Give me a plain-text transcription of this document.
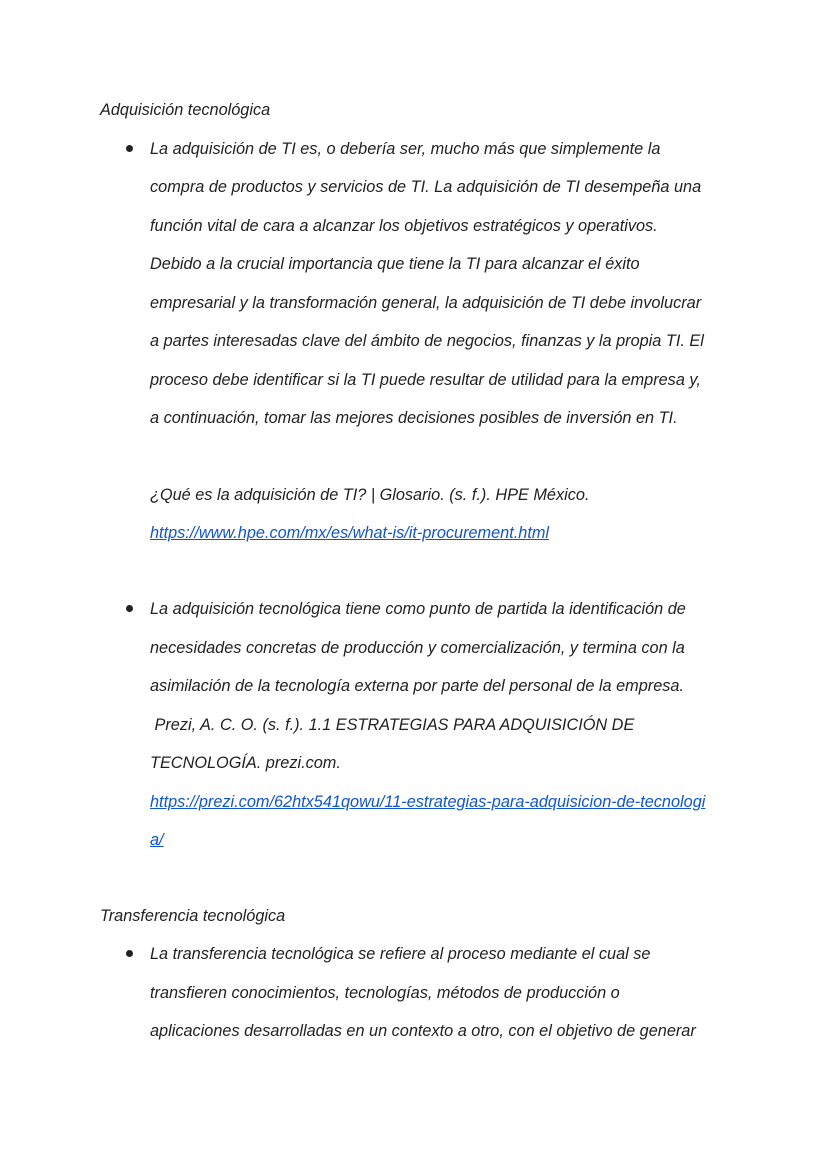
Adquisición tecnológica
La adquisición de TI es, o debería ser, mucho más que simplemente la
compra de productos y servicios de TI. La adquisición de TI desempeña una
función vital de cara a alcanzar los objetivos estratégicos y operativos.
Debido a la crucial importancia que tiene la TI para alcanzar el éxito
empresarial y la transformación general, la adquisición de TI debe involucrar
a partes interesadas clave del ámbito de negocios, finanzas y la propia TI. El
proceso debe identificar si la TI puede resultar de utilidad para la empresa y,
a continuación, tomar las mejores decisiones posibles de inversión en TI.
¿Qué es la adquisición de TI? | Glosario. (s. f.). HPE México.
https://www.hpe.com/mx/es/what-is/it-procurement.html
La adquisición tecnológica tiene como punto de partida la identificación de
necesidades concretas de producción y comercialización, y termina con la
asimilación de la tecnología externa por parte del personal de la empresa.
Prezi, A. C. O. (s. f.). 1.1 ESTRATEGIAS PARA ADQUISICIÓN DE
TECNOLOGÍA. prezi.com.
https://prezi.com/62htx541qowu/11-estrategias-para-adquisicion-de-tecnologi
a/
Transferencia tecnológica
La transferencia tecnológica se refiere al proceso mediante el cual se
transfieren conocimientos, tecnologías, métodos de producción o
aplicaciones desarrolladas en un contexto a otro, con el objetivo de generar
